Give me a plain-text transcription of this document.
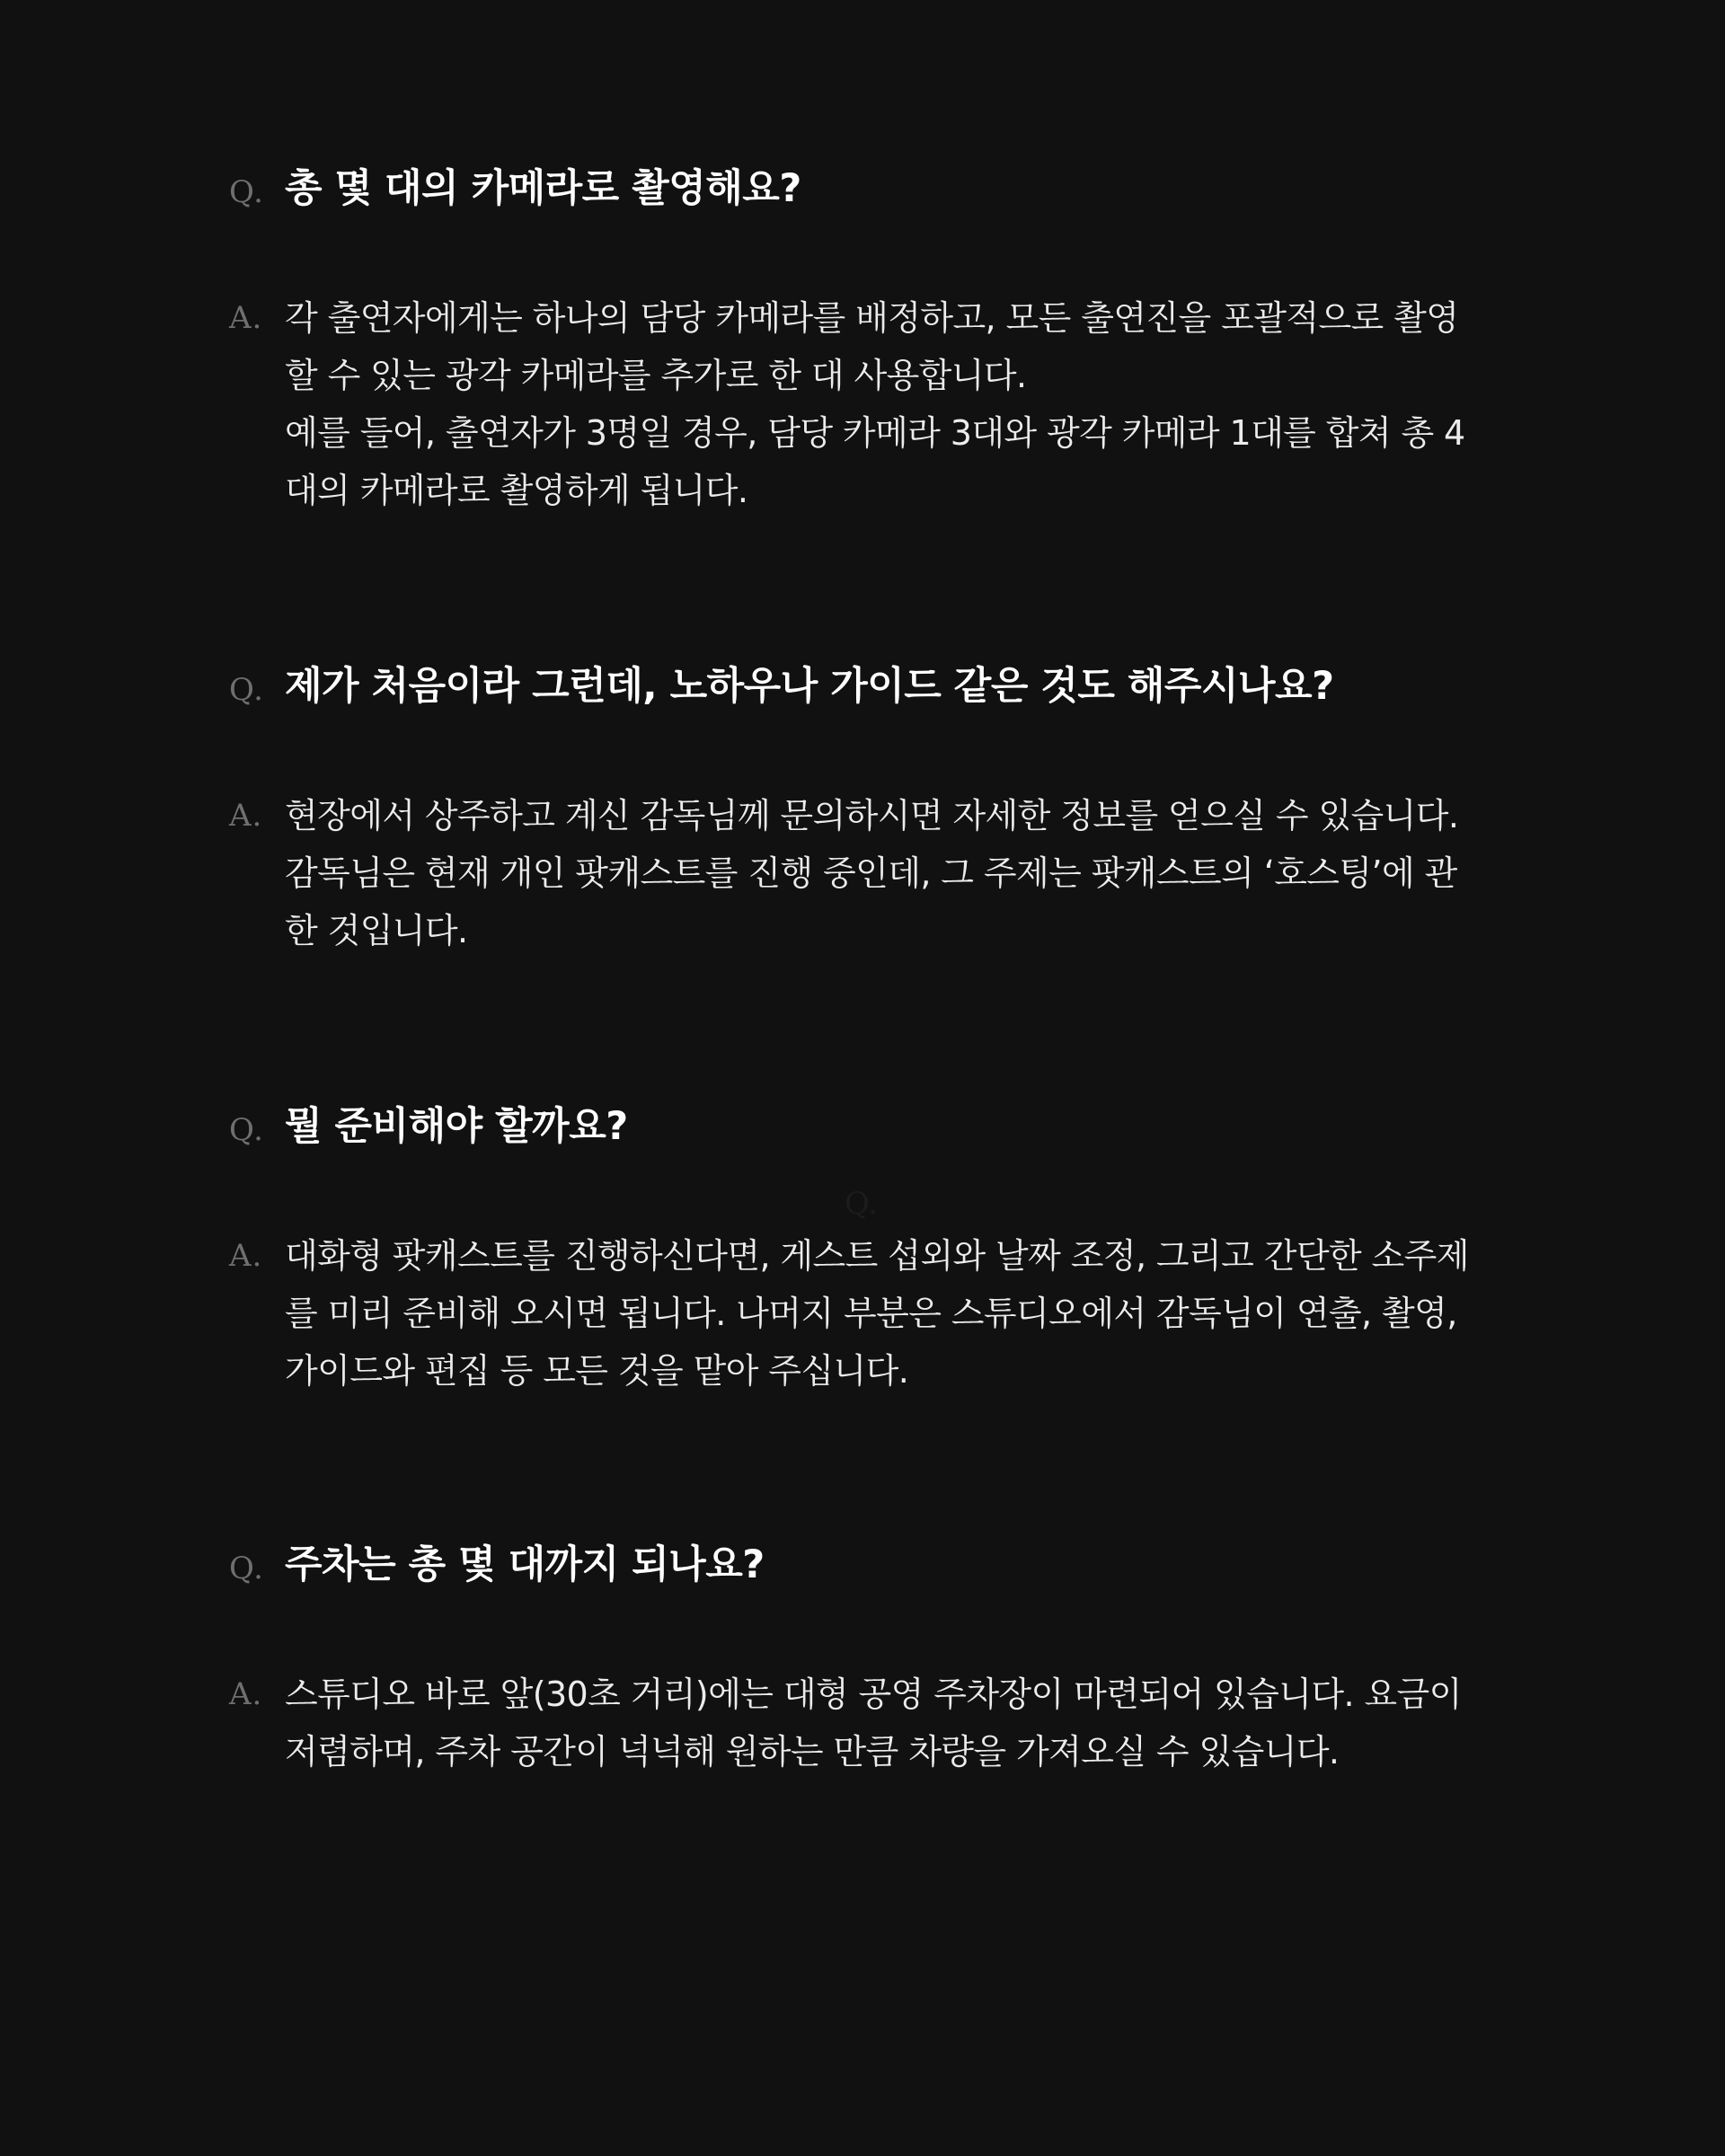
Q. 총 몇 대의 카메라로 촬영해요?
A. 각 출연자에게는 하나의 담당 카메라를 배정하고, 모든 출연진을 포괄적으로 촬영
할 수 있는 광각 카메라를 추가로 한 대 사용합니다.
예를 들어, 출연자가 3명일 경우, 담당 카메라 3대와 광각 카메라 1대를 합쳐 총 4
대의 카메라로 촬영하게 됩니다.
Q. 제가 처음이라 그런데, 노하우나 가이드 같은 것도 해주시나요?
A. 현장에서 상주하고 계신 감독님께 문의하시면 자세한 정보를 얻으실 수 있습니다.
감독님은 현재 개인 팟캐스트를 진행 중인데, 그 주제는 팟캐스트의 ‘호스팅’에 관
한 것입니다.
Q. 뭘 준비해야 할까요?
A. 대화형 팟캐스트를 진행하신다면, 게스트 섭외와 날짜 조정, 그리고 간단한 소주제
를 미리 준비해 오시면 됩니다. 나머지 부분은 스튜디오에서 감독님이 연출, 촬영,
가이드와 편집 등 모든 것을 맡아 주십니다.
Q. 주차는 총 몇 대까지 되나요?
A. 스튜디오 바로 앞(30초 거리)에는 대형 공영 주차장이 마련되어 있습니다. 요금이
저렴하며, 주차 공간이 넉넉해 원하는 만큼 차량을 가져오실 수 있습니다.
Q.
